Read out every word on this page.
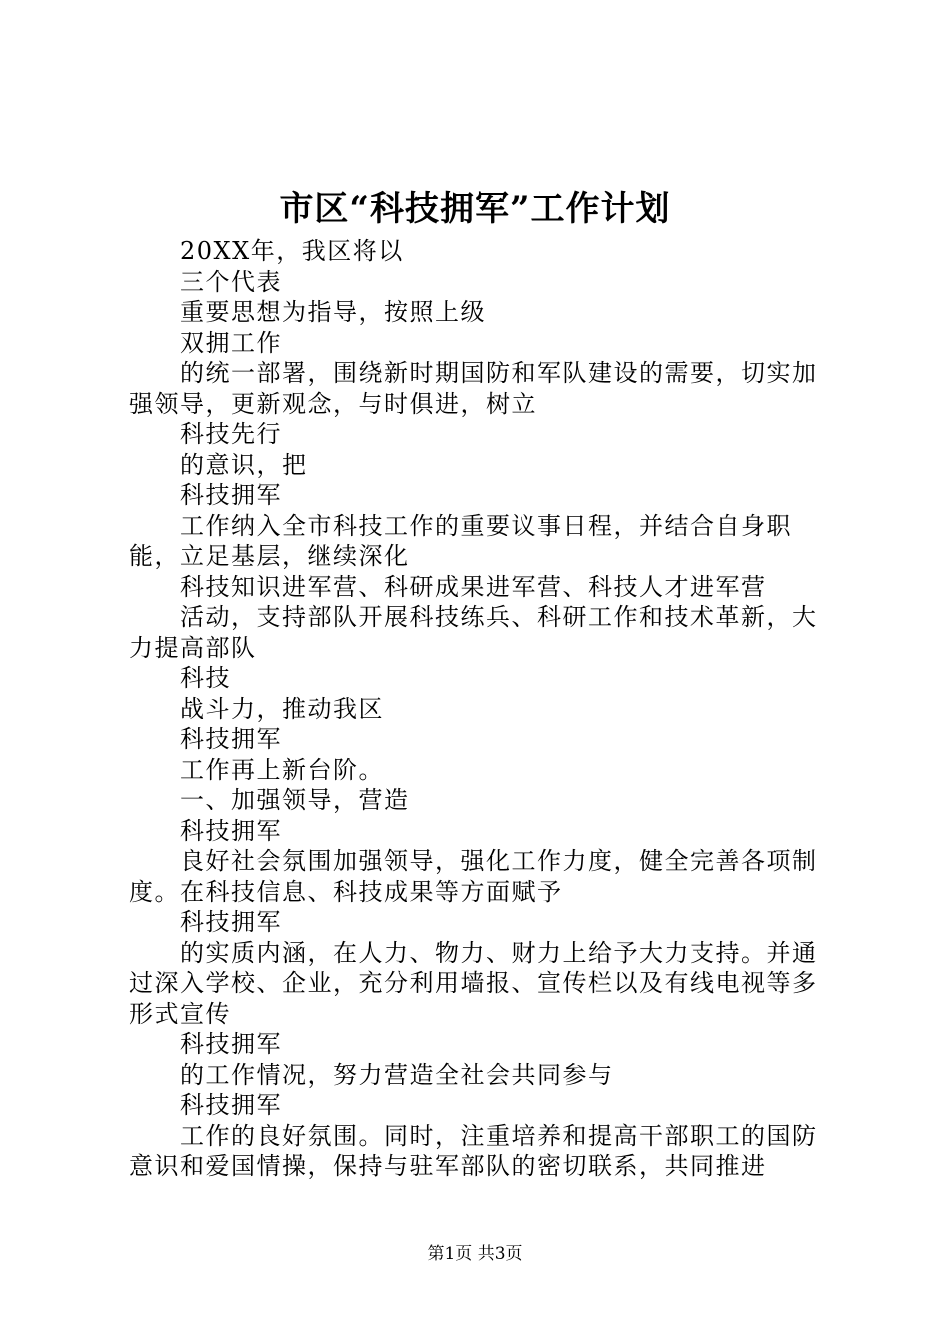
市区“科技拥军”工作计划

20XX年，我区将以

三个代表

重要思想为指导，按照上级

双拥工作

的统一部署，围绕新时期国防和军队建设的需要，切实加强领导，更新观念，与时俱进，树立

科技先行

的意识，把

科技拥军

工作纳入全市科技工作的重要议事日程，并结合自身职能，立足基层，继续深化

科技知识进军营、科研成果进军营、科技人才进军营

活动，支持部队开展科技练兵、科研工作和技术革新，大力提高部队

科技

战斗力，推动我区

科技拥军

工作再上新台阶。

一、加强领导，营造

科技拥军

良好社会氛围加强领导，强化工作力度，健全完善各项制度。在科技信息、科技成果等方面赋予

科技拥军

的实质内涵，在人力、物力、财力上给予大力支持。并通过深入学校、企业，充分利用墙报、宣传栏以及有线电视等多形式宣传

科技拥军

的工作情况，努力营造全社会共同参与

科技拥军

工作的良好氛围。同时，注重培养和提高干部职工的国防意识和爱国情操，保持与驻军部队的密切联系，共同推进

第1页 共3页
